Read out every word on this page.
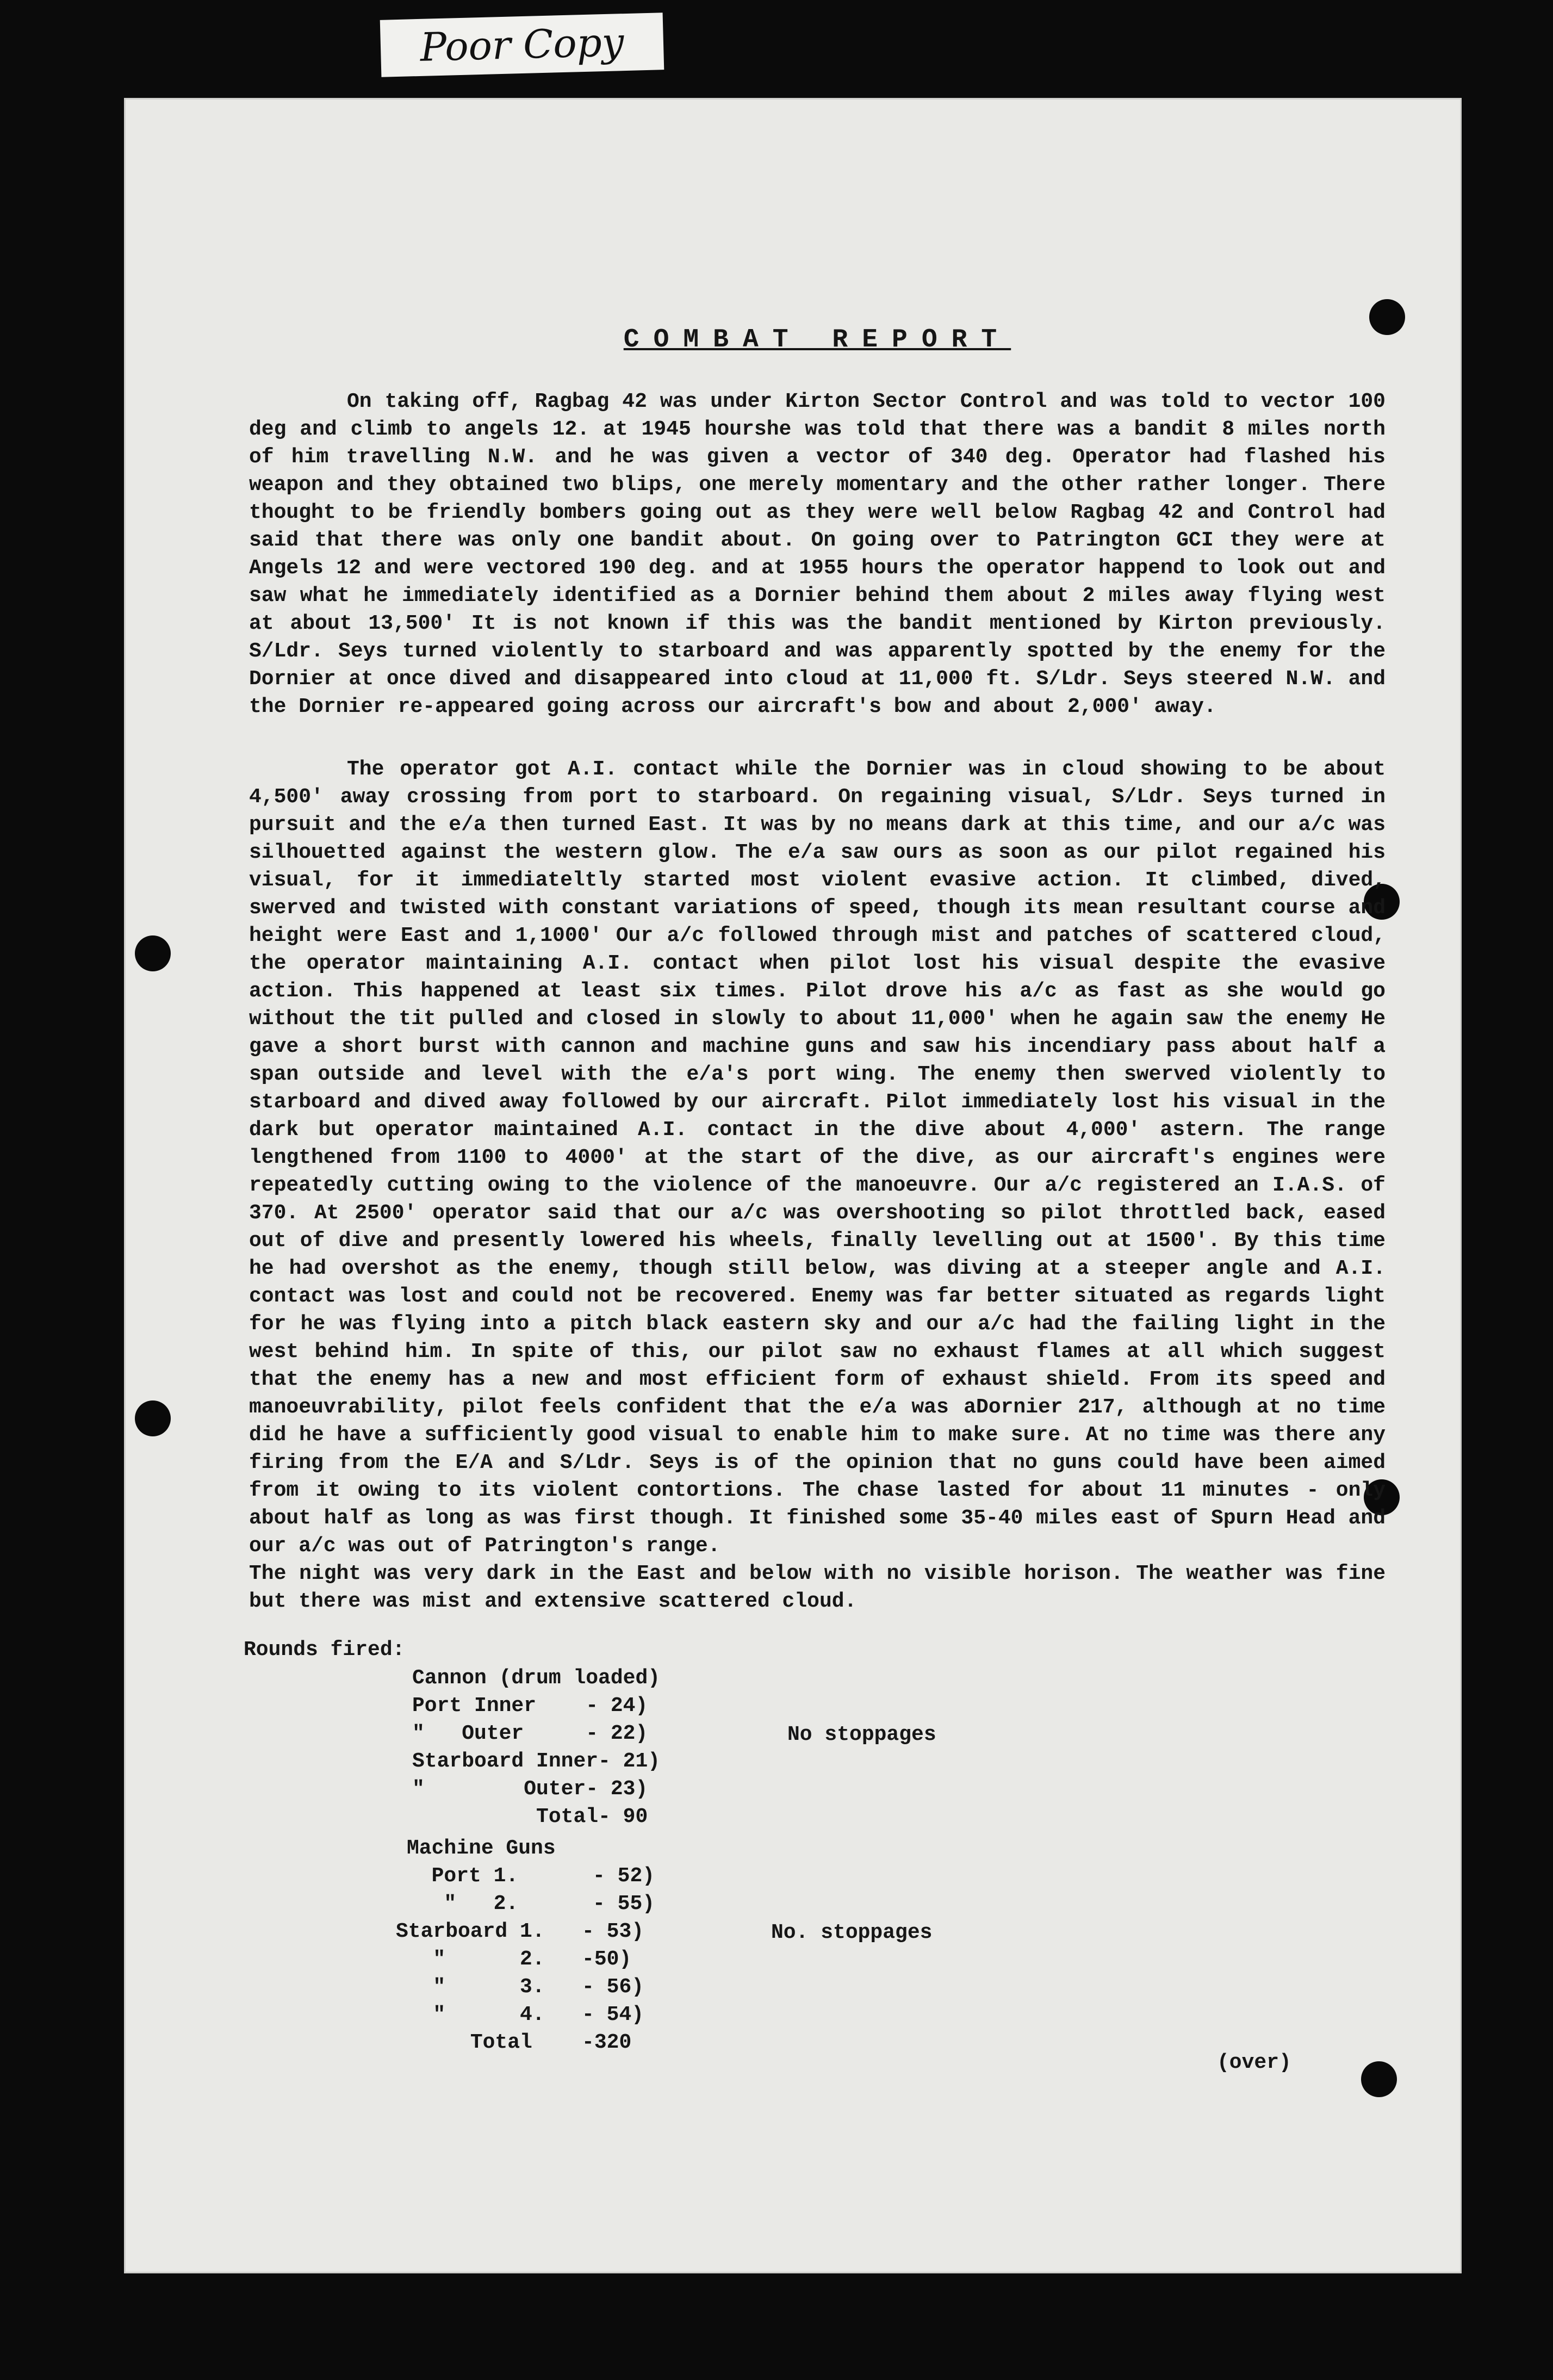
Poor Copy
COMBAT REPORT

On taking off, Ragbag 42 was under Kirton Sector Control and was told to vector 100 deg and climb to angels 12. at 1945 hourshe was told that there was a bandit 8 miles north of him travelling N.W. and he was given a vector of 340 deg. Operator had flashed his weapon and they obtained two blips, one merely momentary and the other rather longer. There thought to be friendly bombers going out as they were well below Ragbag 42 and Control had said that there was only one bandit about. On going over to Patrington GCI they were at Angels 12 and were vectored 190 deg. and at 1955 hours the operator happend to look out and saw what he immediately identified as a Dornier behind them about 2 miles away flying west at about 13,500' It is not known if this was the bandit mentioned by Kirton previously. S/Ldr. Seys turned violently to starboard and was apparently spotted by the enemy for the Dornier at once dived and disappeared into cloud at 11,000 ft. S/Ldr. Seys steered N.W. and the Dornier re-appeared going across our aircraft's bow and about 2,000' away.

The operator got A.I. contact while the Dornier was in cloud showing to be about 4,500' away crossing from port to starboard. On regaining visual, S/Ldr. Seys turned in pursuit and the e/a then turned East. It was by no means dark at this time, and our a/c was silhouetted against the western glow. The e/a saw ours as soon as our pilot regained his visual, for it immediateltly started most violent evasive action. It climbed, dived, swerved and twisted with constant variations of speed, though its mean resultant course and height were East and 1,1000' Our a/c followed through mist and patches of scattered cloud, the operator maintaining A.I. contact when pilot lost his visual despite the evasive action. This happened at least six times. Pilot drove his a/c as fast as she would go without the tit pulled and closed in slowly to about 11,000' when he again saw the enemy He gave a short burst with cannon and machine guns and saw his incendiary pass about half a span outside and level with the e/a's port wing. The enemy then swerved violently to starboard and dived away followed by our aircraft. Pilot immediately lost his visual in the dark but operator maintained A.I. contact in the dive about 4,000' astern. The range lengthened from 1100 to 4000' at the start of the dive, as our aircraft's engines were repeatedly cutting owing to the violence of the manoeuvre. Our a/c registered an I.A.S. of 370. At 2500' operator said that our a/c was overshooting so pilot throttled back, eased out of dive and presently lowered his wheels, finally levelling out at 1500'. By this time he had overshot as the enemy, though still below, was diving at a steeper angle and A.I. contact was lost and could not be recovered. Enemy was far better situated as regards light for he was flying into a pitch black eastern sky and our a/c had the failing light in the west behind him. In spite of this, our pilot saw no exhaust flames at all which suggest that the enemy has a new and most efficient form of exhaust shield. From its speed and manoeuvrability, pilot feels confident that the e/a was aDornier 217, although at no time did he have a sufficiently good visual to enable him to make sure. At no time was there any firing from the E/A and S/Ldr. Seys is of the opinion that no guns could have been aimed from it owing to its violent contortions. The chase lasted for about 11 minutes - only about half as long as was first though. It finished some 35-40 miles east of Spurn Head and our a/c was out of Patrington's range.

The night was very dark in the East and below with no visible horison. The weather was fine but there was mist and extensive scattered cloud.

Rounds fired:
Cannon (drum loaded)
Port Inner    - 24)
"   Outer     - 22)
Starboard Inner- 21)
"        Outer- 23)
Total- 90
Machine Guns
Port 1.      - 52)
"   2.      - 55)
Starboard 1.   - 53)
"      2.   -50)
"      3.   - 56)
"      4.   - 54)
Total    -320
No stoppages
No. stoppages
(over)
